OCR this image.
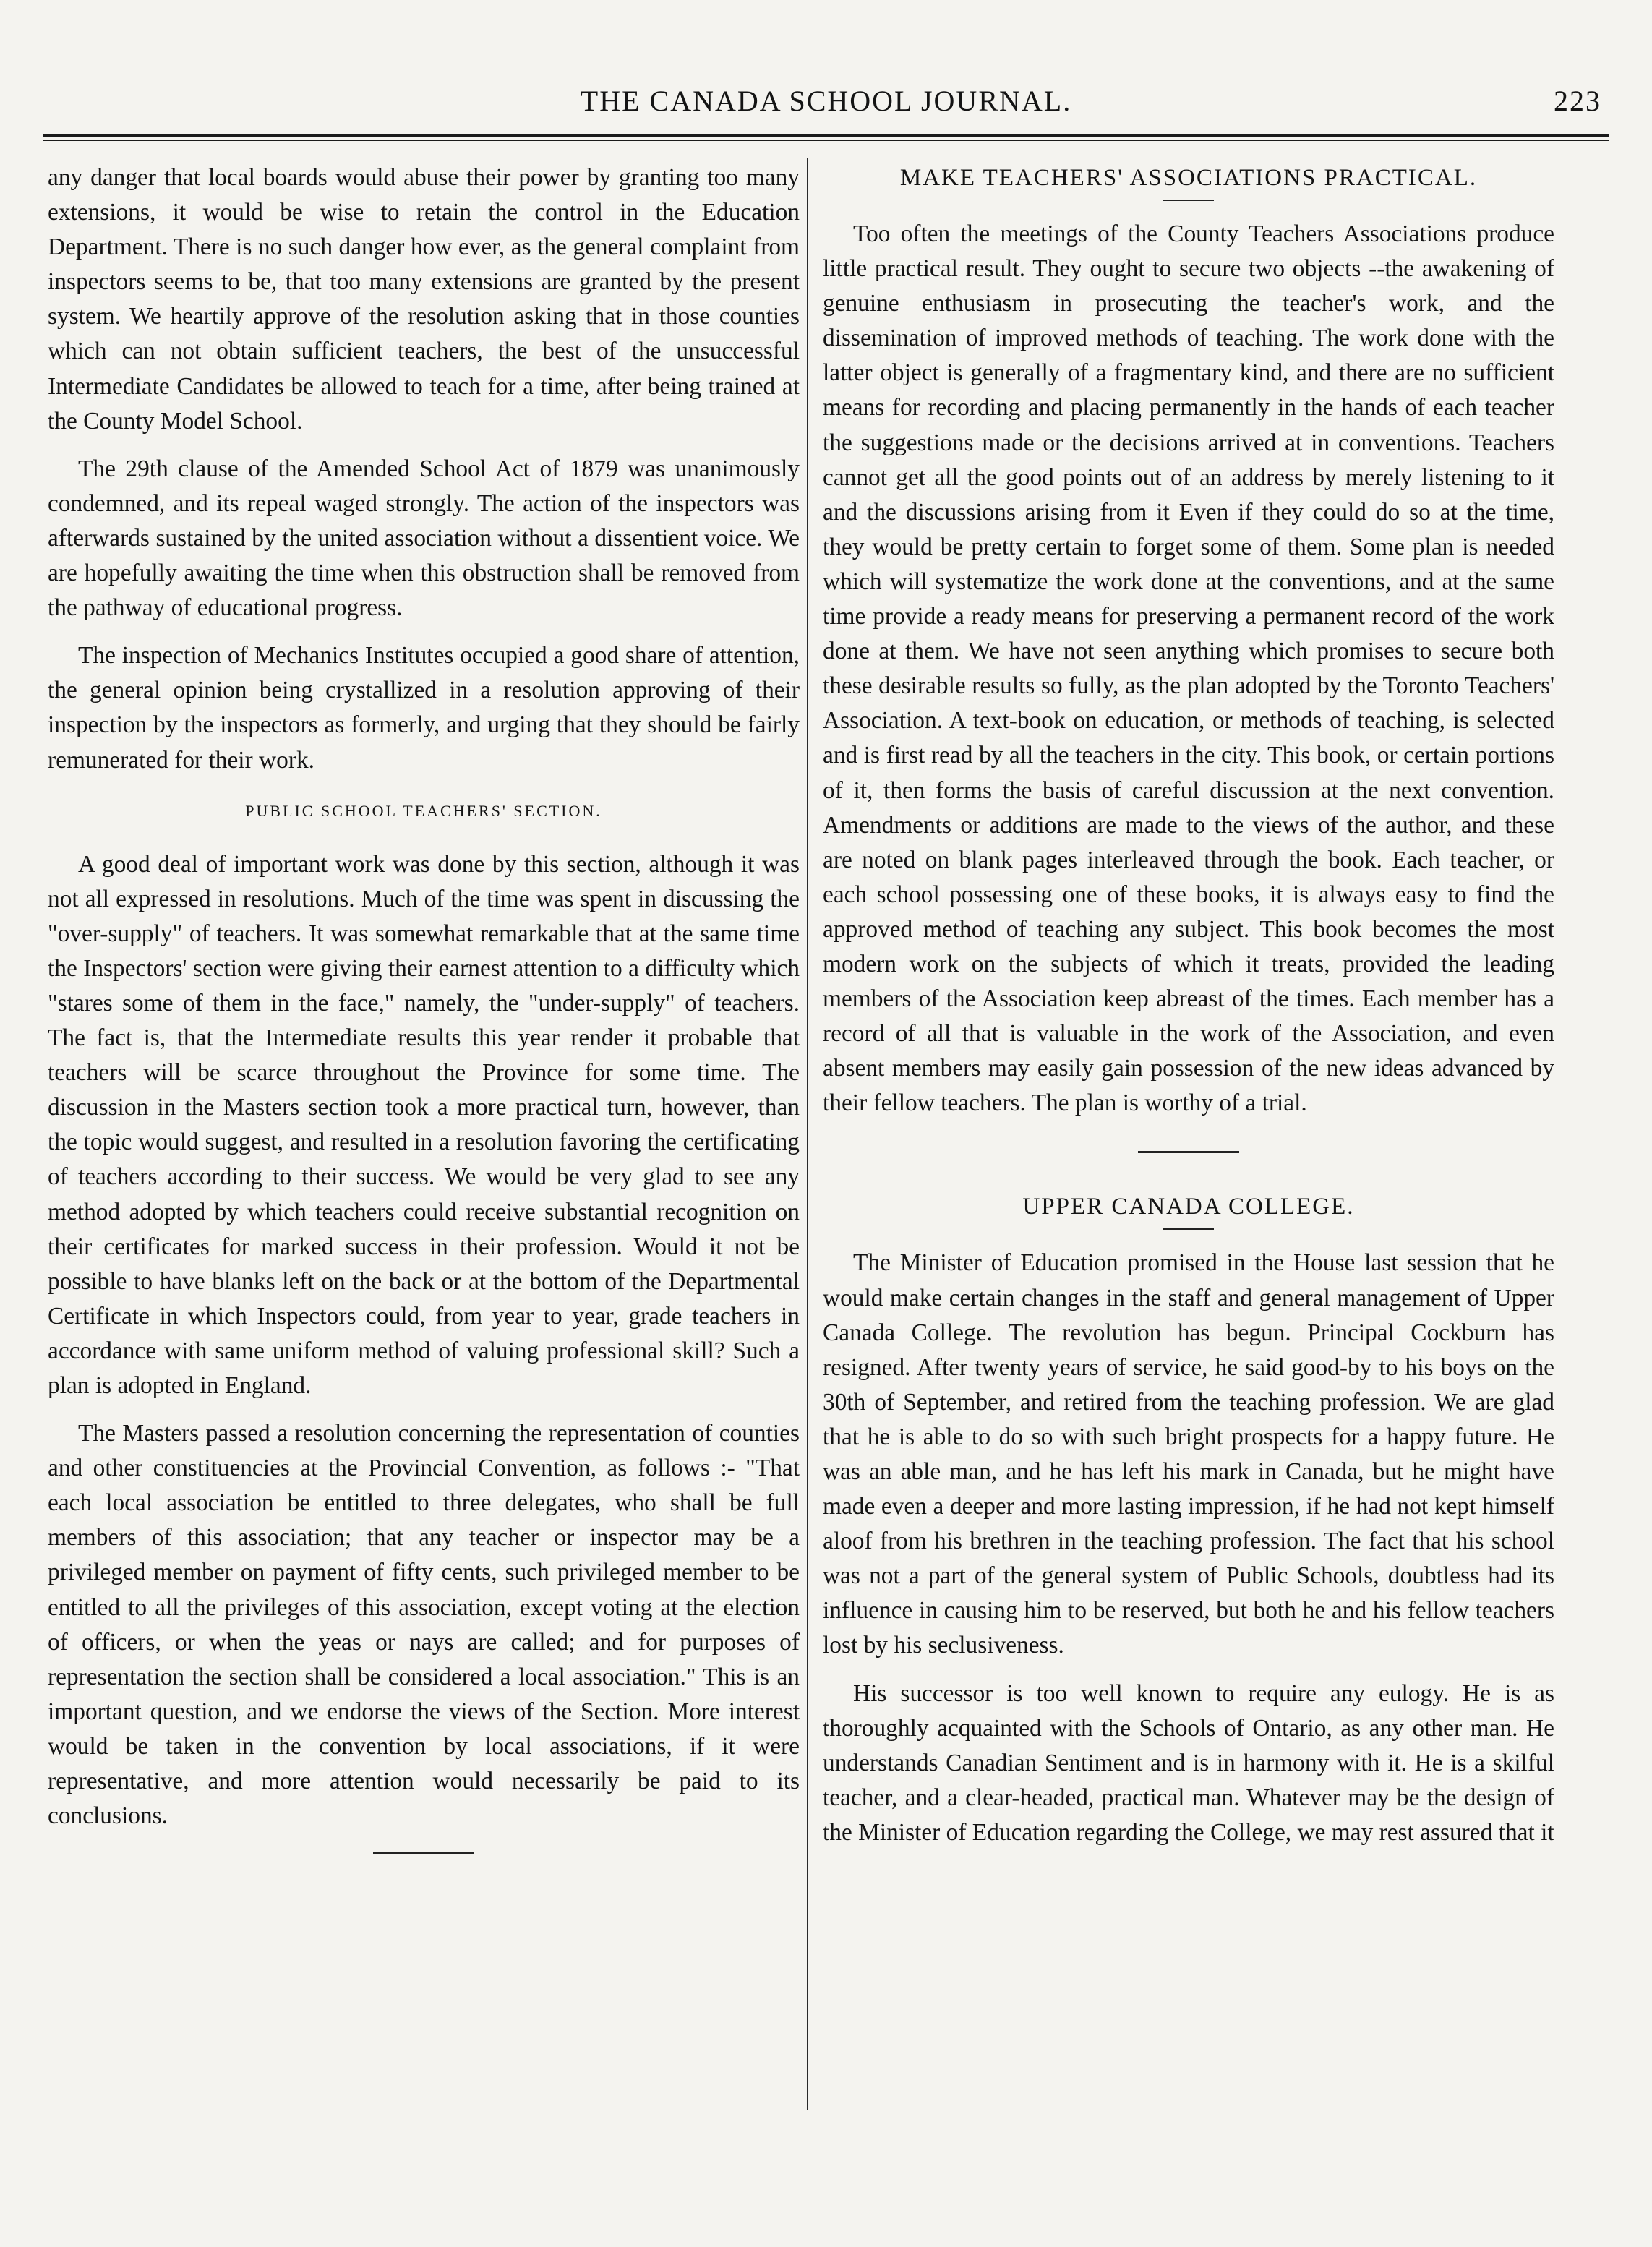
THE CANADA SCHOOL JOURNAL.	223

any danger that local boards would abuse their power by granting too many extensions, it would be wise to retain the control in the Education Department. There is no such danger how ever, as the general complaint from inspectors seems to be, that too many extensions are granted by the present system. We heartily approve of the resolution asking that in those counties which can not obtain sufficient teachers, the best of the unsuccessful Intermediate Candidates be allowed to teach for a time, after being trained at the County Model School.

The 29th clause of the Amended School Act of 1879 was unanimously condemned, and its repeal waged strongly. The action of the inspectors was afterwards sustained by the united association without a dissentient voice. We are hopefully awaiting the time when this obstruction shall be removed from the pathway of educational progress.

The inspection of Mechanics Institutes occupied a good share of attention, the general opinion being crystallized in a resolution approving of their inspection by the inspectors as formerly, and urging that they should be fairly remunerated for their work.

PUBLIC SCHOOL TEACHERS' SECTION.

A good deal of important work was done by this section, although it was not all expressed in resolutions. Much of the time was spent in discussing the "over-supply" of teachers. It was somewhat remarkable that at the same time the Inspectors' section were giving their earnest attention to a difficulty which "stares some of them in the face," namely, the "under-supply" of teachers. The fact is, that the Intermediate results this year render it probable that teachers will be scarce throughout the Province for some time. The discussion in the Masters section took a more practical turn, however, than the topic would suggest, and resulted in a resolution favoring the certificating of teachers according to their success. We would be very glad to see any method adopted by which teachers could receive substantial recognition on their certificates for marked success in their profession. Would it not be possible to have blanks left on the back or at the bottom of the Departmental Certificate in which Inspectors could, from year to year, grade teachers in accordance with same uniform method of valuing professional skill? Such a plan is adopted in England.

The Masters passed a resolution concerning the representation of counties and other constituencies at the Provincial Convention, as follows :- "That each local association be entitled to three delegates, who shall be full members of this association; that any teacher or inspector may be a privileged member on payment of fifty cents, such privileged member to be entitled to all the privileges of this association, except voting at the election of officers, or when the yeas or nays are called; and for purposes of representation the section shall be considered a local association." This is an important question, and we endorse the views of the Section. More interest would be taken in the convention by local associations, if it were representative, and more attention would necessarily be paid to its conclusions.

MAKE TEACHERS' ASSOCIATIONS PRACTICAL.

Too often the meetings of the County Teachers Associations produce little practical result. They ought to secure two objects --the awakening of genuine enthusiasm in prosecuting the teacher's work, and the dissemination of improved methods of teaching. The work done with the latter object is generally of a fragmentary kind, and there are no sufficient means for recording and placing permanently in the hands of each teacher the suggestions made or the decisions arrived at in conventions. Teachers cannot get all the good points out of an address by merely listening to it and the discussions arising from it Even if they could do so at the time, they would be pretty certain to forget some of them. Some plan is needed which will systematize the work done at the conventions, and at the same time provide a ready means for preserving a permanent record of the work done at them. We have not seen anything which promises to secure both these desirable results so fully, as the plan adopted by the Toronto Teachers' Association. A text-book on education, or methods of teaching, is selected and is first read by all the teachers in the city. This book, or certain portions of it, then forms the basis of careful discussion at the next convention. Amendments or additions are made to the views of the author, and these are noted on blank pages interleaved through the book. Each teacher, or each school possessing one of these books, it is always easy to find the approved method of teaching any subject. This book becomes the most modern work on the subjects of which it treats, provided the leading members of the Association keep abreast of the times. Each member has a record of all that is valuable in the work of the Association, and even absent members may easily gain possession of the new ideas advanced by their fellow teachers. The plan is worthy of a trial.

UPPER CANADA COLLEGE.

The Minister of Education promised in the House last session that he would make certain changes in the staff and general management of Upper Canada College. The revolution has begun. Principal Cockburn has resigned. After twenty years of service, he said good-by to his boys on the 30th of September, and retired from the teaching profession. We are glad that he is able to do so with such bright prospects for a happy future. He was an able man, and he has left his mark in Canada, but he might have made even a deeper and more lasting impression, if he had not kept himself aloof from his brethren in the teaching profession. The fact that his school was not a part of the general system of Public Schools, doubtless had its influence in causing him to be reserved, but both he and his fellow teachers lost by his seclusiveness.

His successor is too well known to require any eulogy. He is as thoroughly acquainted with the Schools of Ontario, as any other man. He understands Canadian Sentiment and is in harmony with it. He is a skilful teacher, and a clear-headed, practical man. Whatever may be the design of the Minister of Education regarding the College, we may rest assured that it
